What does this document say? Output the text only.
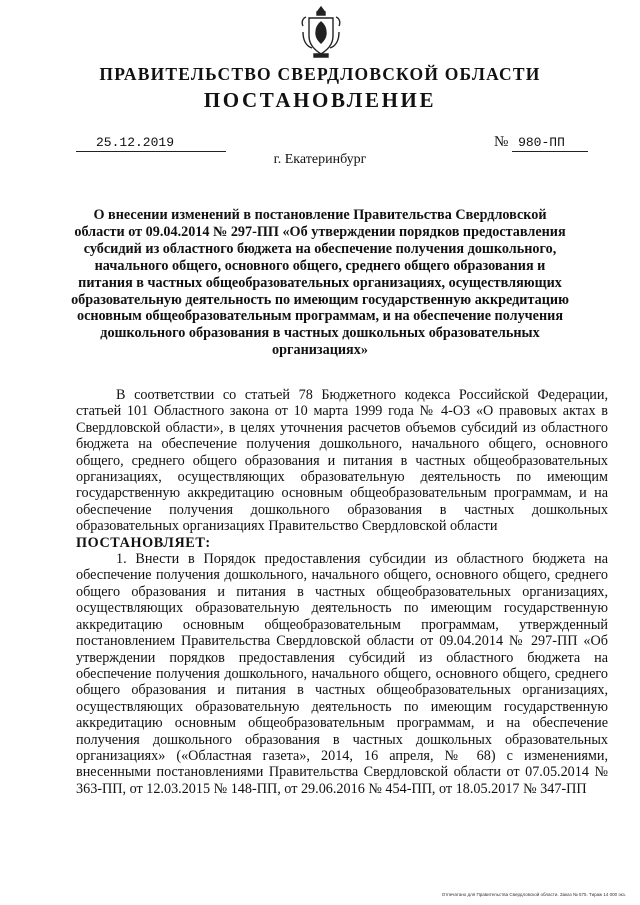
ПРАВИТЕЛЬСТВО СВЕРДЛОВСКОЙ ОБЛАСТИ
ПОСТАНОВЛЕНИЕ
25.12.2019	№ 980-ПП
г. Екатеринбург
О внесении изменений в постановление Правительства Свердловской области от 09.04.2014 № 297-ПП «Об утверждении порядков предоставления субсидий из областного бюджета на обеспечение получения дошкольного, начального общего, основного общего, среднего общего образования и питания в частных общеобразовательных организациях, осуществляющих образовательную деятельность по имеющим государственную аккредитацию основным общеобразовательным программам, и на обеспечение получения дошкольного образования в частных дошкольных образовательных организациях»

В соответствии со статьей 78 Бюджетного кодекса Российской Федерации, статьей 101 Областного закона от 10 марта 1999 года № 4-ОЗ «О правовых актах в Свердловской области», в целях уточнения расчетов объемов субсидий из областного бюджета на обеспечение получения дошкольного, начального общего, основного общего, среднего общего образования и питания в частных общеобразовательных организациях, осуществляющих образовательную деятельность по имеющим государственную аккредитацию основным общеобразовательным программам, и на обеспечение получения дошкольного образования в частных дошкольных образовательных организациях Правительство Свердловской области

ПОСТАНОВЛЯЕТ:

1. Внести в Порядок предоставления субсидии из областного бюджета на обеспечение получения дошкольного, начального общего, основного общего, среднего общего образования и питания в частных общеобразовательных организациях, осуществляющих образовательную деятельность по имеющим государственную аккредитацию основным общеобразовательным программам, утвержденный постановлением Правительства Свердловской области от 09.04.2014 № 297-ПП «Об утверждении порядков предоставления субсидий из областного бюджета на обеспечение получения дошкольного, начального общего, основного общего, среднего общего образования и питания в частных общеобразовательных организациях, осуществляющих образовательную деятельность по имеющим государственную аккредитацию основным общеобразовательным программам, и на обеспечение получения дошкольного образования в частных дошкольных образовательных организациях» («Областная газета», 2014, 16 апреля, № 68) с изменениями, внесенными постановлениями Правительства Свердловской области от 07.05.2014 № 363-ПП, от 12.03.2015 № 148-ПП, от 29.06.2016 № 454-ПП, от 18.05.2017 № 347-ПП

Отпечатано для Правительства Свердловской области. Заказ № 575. Тираж 14 000 экз.
